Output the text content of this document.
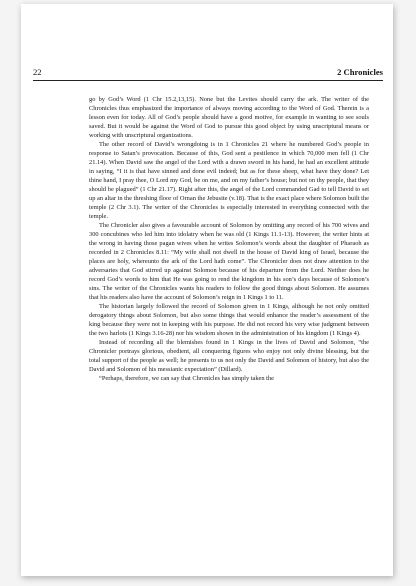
22	2 Chronicles

go by God’s Word (1 Chr 15.2,13,15). None but the Levites should carry the ark. The writer of the Chronicles thus emphasized the importance of always moving according to the Word of God. Therein is a lesson even for today. All of God’s people should have a good motive, for example in wanting to see souls saved. But it would be against the Word of God to pursue this good object by using unscriptural means or working with unscriptural organizations.

The other record of David’s wrongdoing is in 1 Chronicles 21 where he numbered God’s people in response to Satan’s provocation. Because of this, God sent a pestilence in which 70,000 men fell (1 Chr 21.14). When David saw the angel of the Lord with a drawn sword in his hand, he had an excellent attitude in saying, “I it is that have sinned and done evil indeed; but as for these sheep, what have they done? Let thine hand, I pray thee, O Lord my God, be on me, and on my father’s house; but not on thy people, that they should be plagued” (1 Chr 21.17). Right after this, the angel of the Lord commanded Gad to tell David to set up an altar in the threshing floor of Ornan the Jebusite (v.18). That is the exact place where Solomon built the temple (2 Chr 3.1). The writer of the Chronicles is especially interested in everything connected with the temple.

The Chronicler also gives a favourable account of Solomon by omitting any record of his 700 wives and 300 concubines who led him into idolatry when he was old (1 Kings 11.1-13). However, the writer hints at the wrong in having those pagan wives when he writes Solomon’s words about the daughter of Pharaoh as recorded in 2 Chronicles 8.11: “My wife shall not dwell in the house of David king of Israel, because the places are holy, whereunto the ark of the Lord hath come”. The Chronicler does not draw attention to the adversaries that God stirred up against Solomon because of his departure from the Lord. Neither does he record God’s words to him that He was going to rend the kingdom in his son’s days because of Solomon’s sins. The writer of the Chronicles wants his readers to follow the good things about Solomon. He assumes that his readers also have the account of Solomon’s reign in 1 Kings 1 to 11.

The historian largely followed the record of Solomon given in 1 Kings, although he not only omitted derogatory things about Solomon, but also some things that would enhance the reader’s assessment of the king because they were not in keeping with his purpose. He did not record his very wise judgment between the two harlots (1 Kings 3.16-28) nor his wisdom shown in the administration of his kingdom (1 Kings 4).

Instead of recording all the blemishes found in 1 Kings in the lives of David and Solomon, “the Chronicler portrays glorious, obedient, all conquering figures who enjoy not only divine blessing, but the total support of the people as well; he presents to us not only the David and Solomon of history, but also the David and Solomon of his messianic expectation” (Dillard).

“Perhaps, therefore, we can say that Chronicles has simply taken the
